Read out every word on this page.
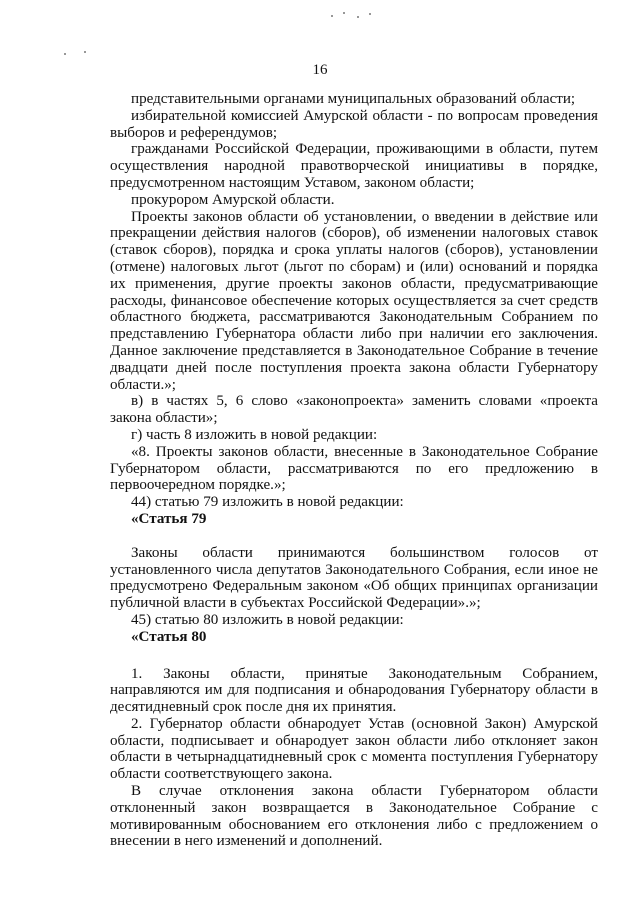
16

представительными органами муниципальных образований области;

избирательной комиссией Амурской области - по вопросам проведения выборов и референдумов;

гражданами Российской Федерации, проживающими в области, путем осуществления народной правотворческой инициативы в порядке, предусмотренном настоящим Уставом, законом области;

прокурором Амурской области.

Проекты законов области об установлении, о введении в действие или прекращении действия налогов (сборов), об изменении налоговых ставок (ставок сборов), порядка и срока уплаты налогов (сборов), установлении (отмене) налоговых льгот (льгот по сборам) и (или) оснований и порядка их применения, другие проекты законов области, предусматривающие расходы, финансовое обеспечение которых осуществляется за счет средств областного бюджета, рассматриваются Законодательным Собранием по представлению Губернатора области либо при наличии его заключения. Данное заключение представляется в Законодательное Собрание в течение двадцати дней после поступления проекта закона области Губернатору области.»;

в) в частях 5, 6 слово «законопроекта» заменить словами «проекта закона области»;

г) часть 8 изложить в новой редакции:

«8. Проекты законов области, внесенные в Законодательное Собрание Губернатором области, рассматриваются по его предложению в первоочередном порядке.»;

44) статью 79 изложить в новой редакции:

«Статья 79

Законы области принимаются большинством голосов от установленного числа депутатов Законодательного Собрания, если иное не предусмотрено Федеральным законом «Об общих принципах организации публичной власти в субъектах Российской Федерации».»;

45) статью 80 изложить в новой редакции:

«Статья 80

1. Законы области, принятые Законодательным Собранием, направляются им для подписания и обнародования Губернатору области в десятидневный срок после дня их принятия.

2. Губернатор области обнародует Устав (основной Закон) Амурской области, подписывает и обнародует закон области либо отклоняет закон области в четырнадцатидневный срок с момента поступления Губернатору области соответствующего закона.

В случае отклонения закона области Губернатором области отклоненный закон возвращается в Законодательное Собрание с мотивированным обоснованием его отклонения либо с предложением о внесении в него изменений и дополнений.
